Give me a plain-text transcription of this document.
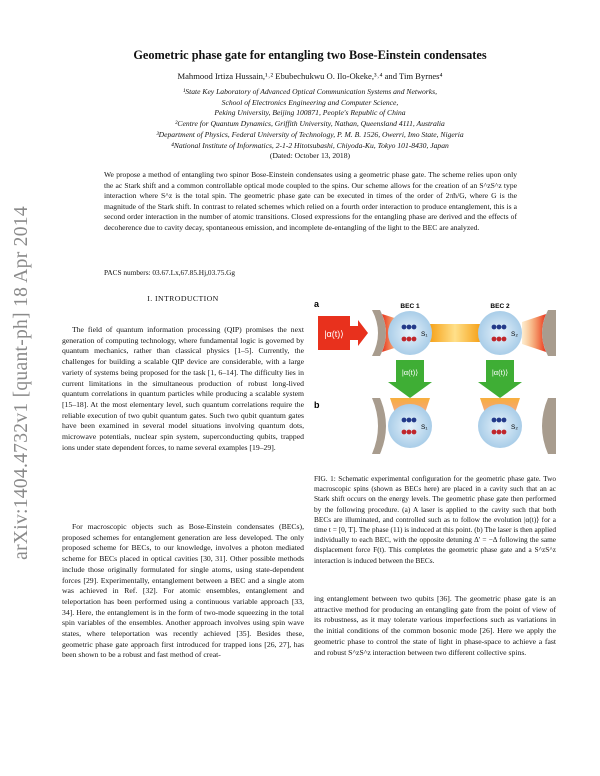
arXiv:1404.4732v1 [quant-ph] 18 Apr 2014
Geometric phase gate for entangling two Bose-Einstein condensates
Mahmood Irtiza Hussain,¹˒² Ebubechukwu O. Ilo-Okeke,³˒⁴ and Tim Byrnes⁴
¹State Key Laboratory of Advanced Optical Communication Systems and Networks,
School of Electronics Engineering and Computer Science,
Peking University, Beijing 100871, People's Republic of China
²Centre for Quantum Dynamics, Griffith University, Nathan, Queensland 4111, Australia
³Department of Physics, Federal University of Technology, P. M. B. 1526, Owerri, Imo State, Nigeria
⁴National Institute of Informatics, 2-1-2 Hitotsubashi, Chiyoda-Ku, Tokyo 101-8430, Japan
(Dated: October 13, 2018)
We propose a method of entangling two spinor Bose-Einstein condensates using a geometric phase gate. The scheme relies upon only the ac Stark shift and a common controllable optical mode coupled to the spins. Our scheme allows for the creation of an S^zS^z type interaction where S^z is the total spin. The geometric phase gate can be executed in times of the order of 2πħ/G, where G is the magnitude of the Stark shift. In contrast to related schemes which relied on a fourth order interaction to produce entanglement, this is a second order interaction in the number of atomic transitions. Closed expressions for the entangling phase are derived and the effects of decoherence due to cavity decay, spontaneous emission, and incomplete de-entangling of the light to the BEC are analyzed.
PACS numbers: 03.67.Lx,67.85.Hj,03.75.Gg
I. INTRODUCTION

The field of quantum information processing (QIP) promises the next generation of computing technology, where fundamental logic is governed by quantum mechanics, rather than classical physics [1–5]. Currently, the challenges for building a scalable QIP device are considerable, with a large variety of systems being proposed for the task [1, 6–14]. The difficulty lies in current limitations in the simultaneous production of robust long-lived quantum correlations in quantum particles while producing a scalable system [15–18]. At the most elementary level, such quantum correlations require the reliable execution of two qubit quantum gates. Such two qubit quantum gates have been examined in several model situations involving quantum dots, microwave potentials, nuclear spin system, superconducting qubits, trapped ions under state dependent forces, to name several examples [19–29].

For macroscopic objects such as Bose-Einstein condensates (BECs), proposed schemes for entanglement generation are less developed. The only proposed scheme for BECs, to our knowledge, involves a photon mediated scheme for BECs placed in optical cavities [30, 31]. Other possible methods include those originally formulated for single atoms, using state-dependent forces [29]. Experimentally, entanglement between a BEC and a single atom was achieved in Ref. [32]. For atomic ensembles, entanglement and teleportation has been performed using a continuous variable approach [33, 34]. Here, the entanglement is in the form of two-mode squeezing in the total spin variables of the ensembles. Another approach involves using spin wave states, where teleportation was recently achieved [35]. Besides these, geometric phase gate approach first introduced for trapped ions [26, 27], has been shown to be a robust and fast method of creat-

a
|α(t)⟩
BEC 1	BEC 2
S₁	S₂
|α(t)⟩	|α(t)⟩
b
S₁	S₂
FIG. 1: Schematic experimental configuration for the geometric phase gate. Two macroscopic spins (shown as BECs here) are placed in a cavity such that an ac Stark shift occurs on the energy levels. The geometric phase gate then performed by the following procedure. (a) A laser is applied to the cavity such that both BECs are illuminated, and controlled such as to follow the evolution |α(t)⟩ for a time t = [0, T]. The phase (11) is induced at this point. (b) The laser is then applied individually to each BEC, with the opposite detuning Δ' = −Δ following the same displacement force F(t). This completes the geometric phase gate and a S^zS^z interaction is induced between the BECs.

ing entanglement between two qubits [36]. The geometric phase gate is an attractive method for producing an entangling gate from the point of view of its robustness, as it may tolerate various imperfections such as variations in the initial conditions of the common bosonic mode [26]. Here we apply the geometric phase to control the state of light in phase-space to achieve a fast and robust S^zS^z interaction between two different collective spins.
